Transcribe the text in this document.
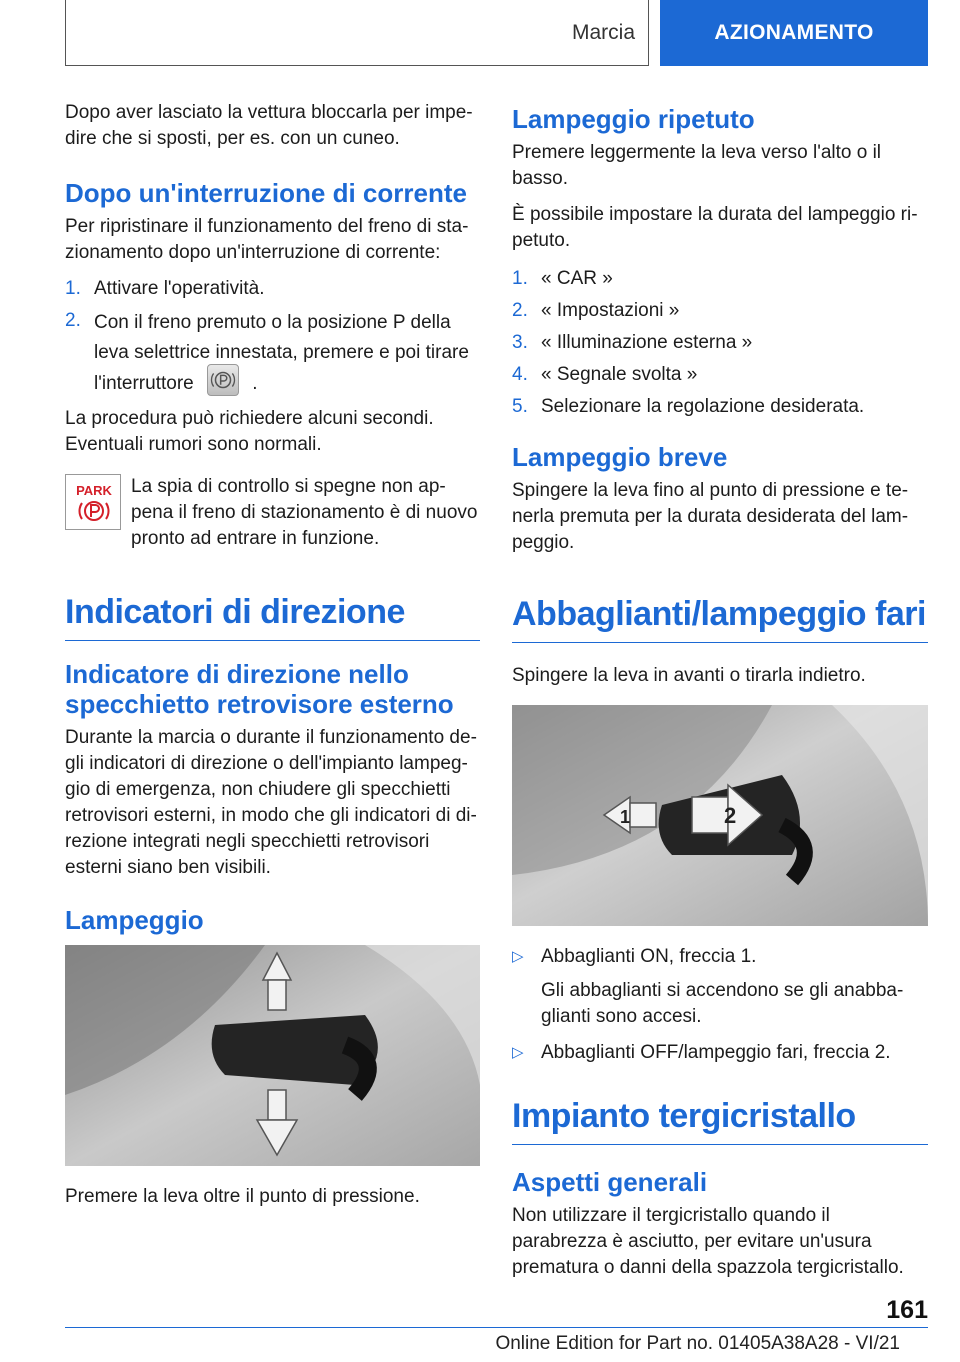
Marcia	AZIONAMENTO

Dopo aver lasciato la vettura bloccarla per impe-dire che si sposti, per es. con un cuneo.

Dopo un'interruzione di corrente

Per ripristinare il funzionamento del freno di sta-zionamento dopo un'interruzione di corrente:

1. Attivare l'operatività.
2. Con il freno premuto o la posizione P della leva selettrice innestata, premere e poi tirare l'interruttore	.

La procedura può richiedere alcuni secondi. Eventuali rumori sono normali.

PARK La spia di controllo si spegne non ap-pena il freno di stazionamento è di nuovo pronto ad entrare in funzione.

Indicatori di direzione
Indicatore di direzione nello specchietto retrovisore esterno

Durante la marcia o durante il funzionamento de-gli indicatori di direzione o dell'impianto lampeg-gio di emergenza, non chiudere gli specchietti retrovisori esterni, in modo che gli indicatori di di-rezione integrati negli specchietti retrovisori esterni siano ben visibili.

Lampeggio

Premere la leva oltre il punto di pressione.

Lampeggio ripetuto

Premere leggermente la leva verso l'alto o il basso.

È possibile impostare la durata del lampeggio ri-petuto.

1. « CAR »
2. « Impostazioni »
3. « Illuminazione esterna »
4. « Segnale svolta »
5. Selezionare la regolazione desiderata.
Lampeggio breve

Spingere la leva fino al punto di pressione e te-nerla premuta per la durata desiderata del lam-peggio.

Abbaglianti/lampeggio fari

Spingere la leva in avanti o tirarla indietro.

1	2
▷ Abbaglianti ON, freccia 1.
Gli abbaglianti si accendono se gli anabba-glianti sono accesi.
▷ Abbaglianti OFF/lampeggio fari, freccia 2.
Impianto tergicristallo
Aspetti generali

Non utilizzare il tergicristallo quando il parabrezza è asciutto, per evitare un'usura prematura o danni della spazzola tergicristallo.

161
Online Edition for Part no. 01405A38A28 - VI/21
